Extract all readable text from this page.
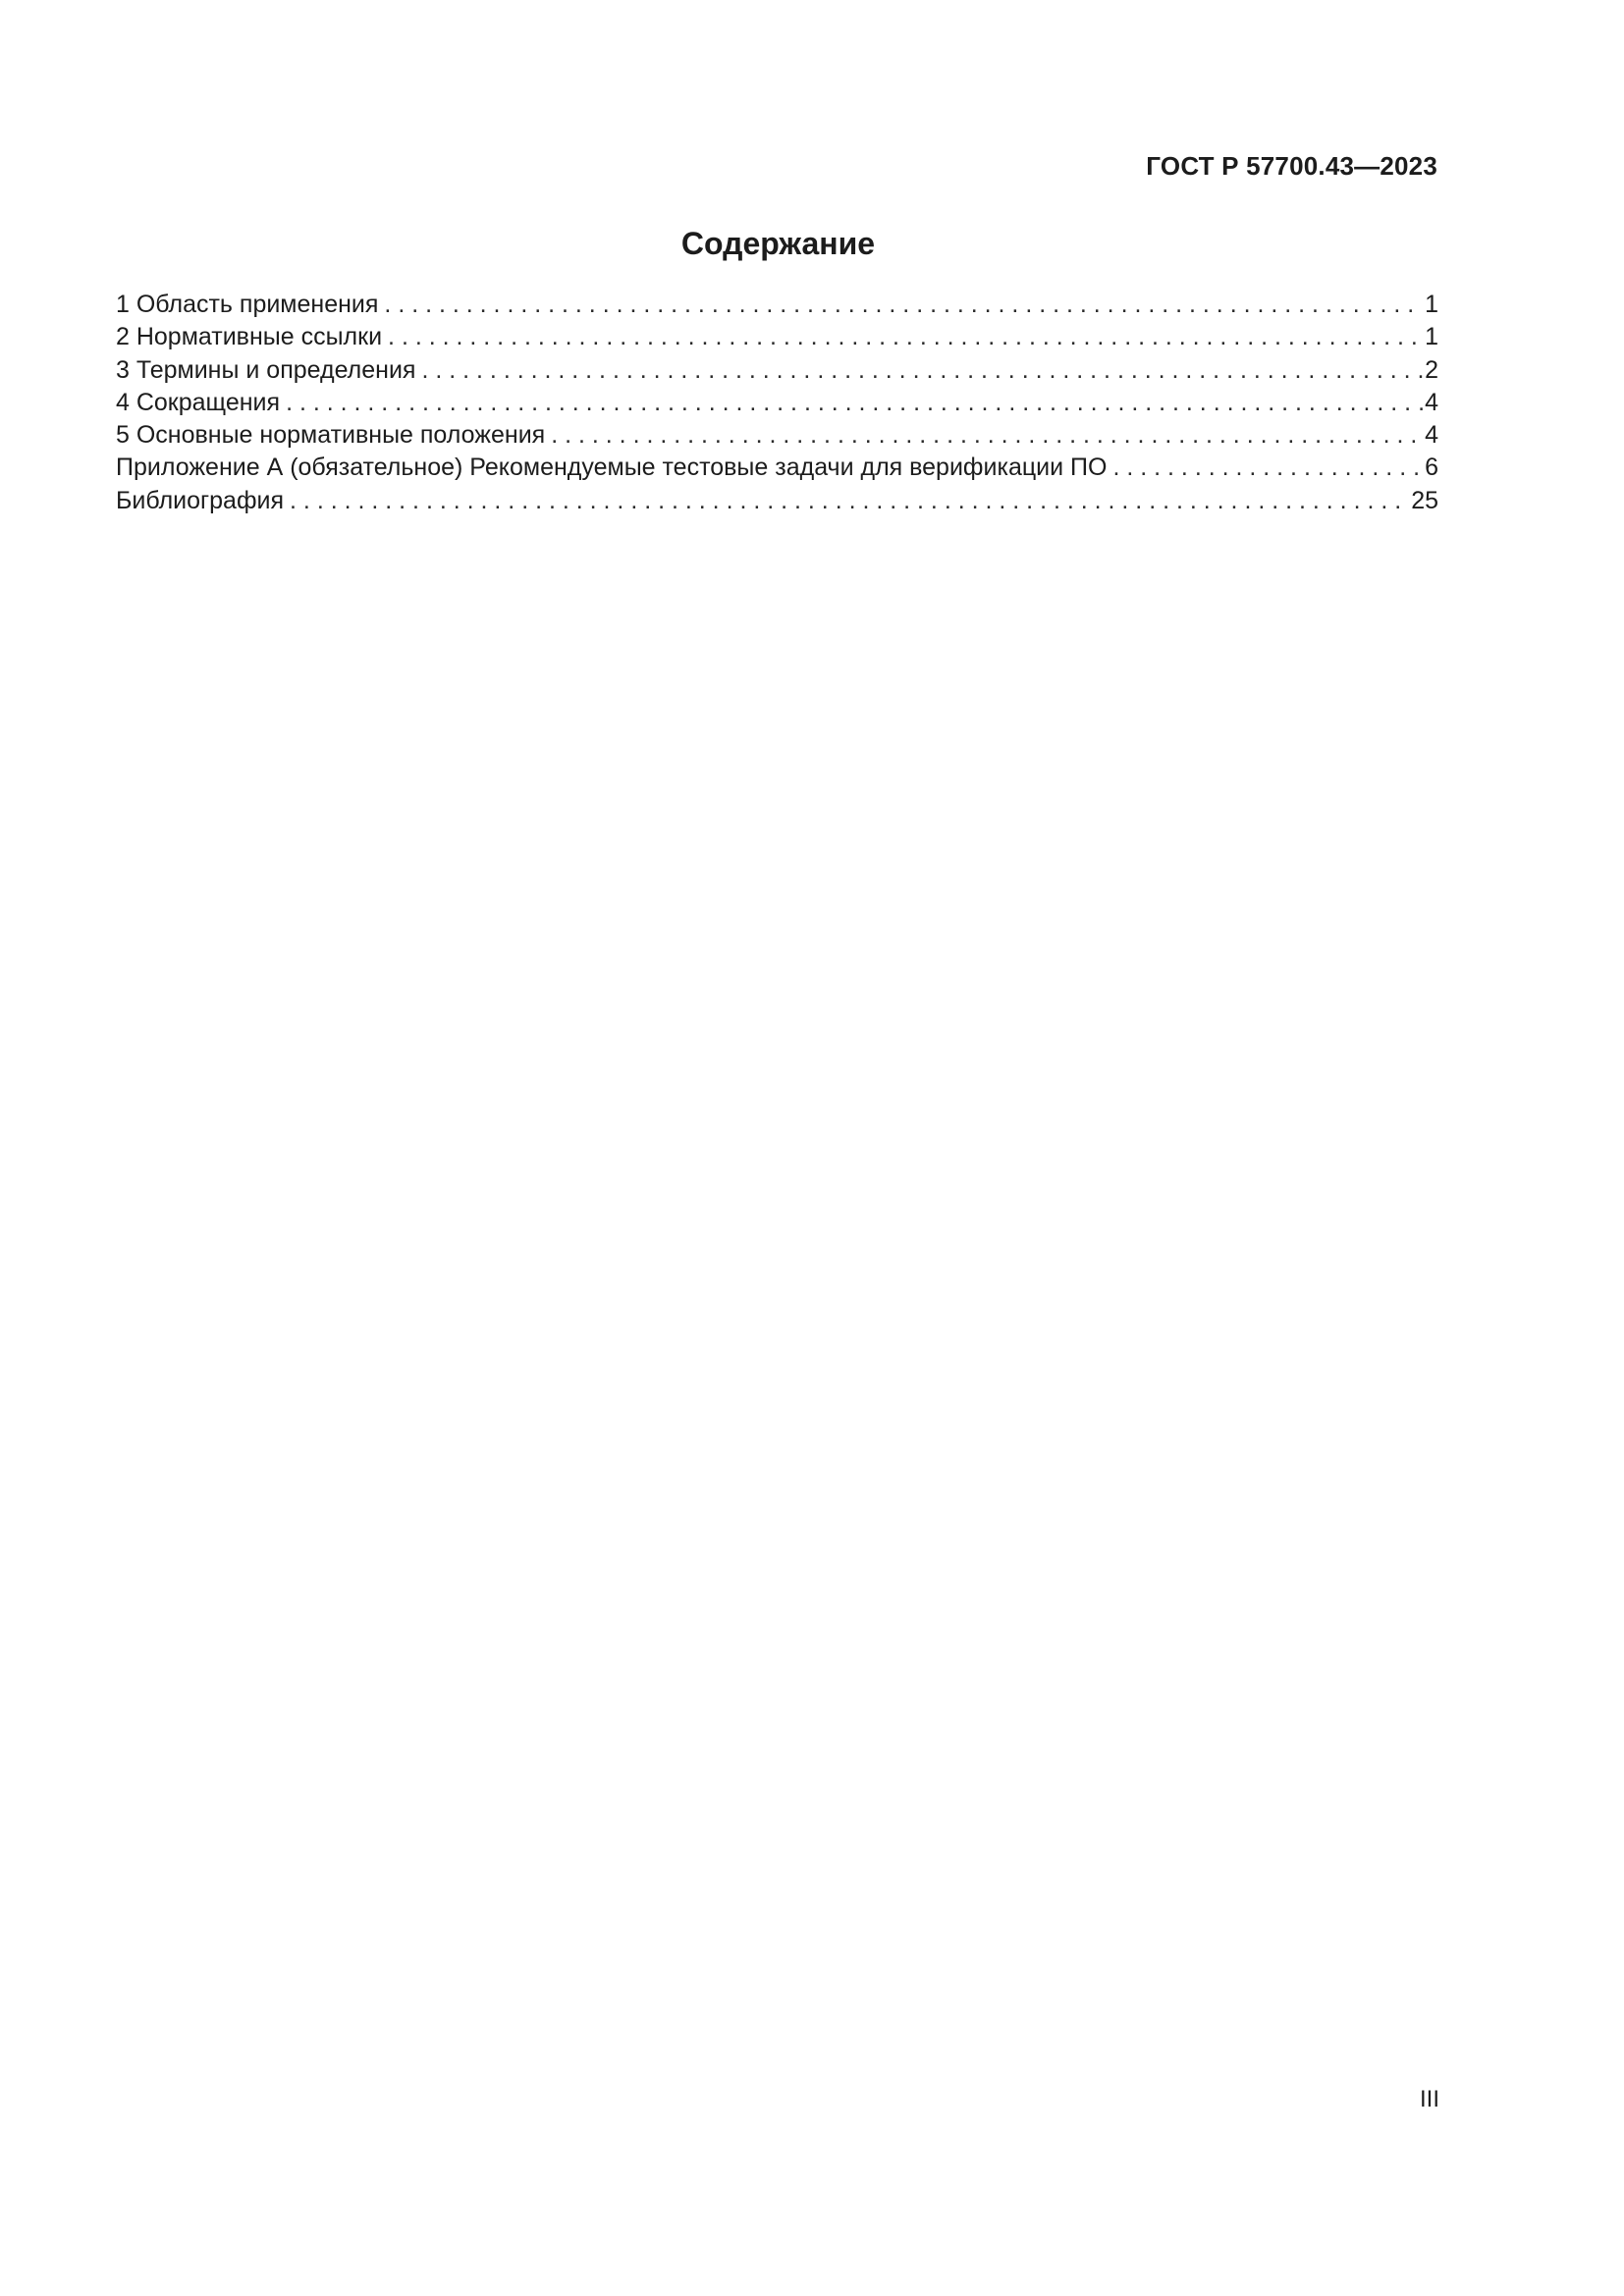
ГОСТ Р 57700.43—2023
Содержание
1 Область применения . . .	1
2 Нормативные ссылки . . .	1
3 Термины и определения . . .	2
4 Сокращения . . .	4
5 Основные нормативные положения . . .	4
Приложение А (обязательное) Рекомендуемые тестовые задачи для верификации ПО . . .	6
Библиография . . .	25
III
